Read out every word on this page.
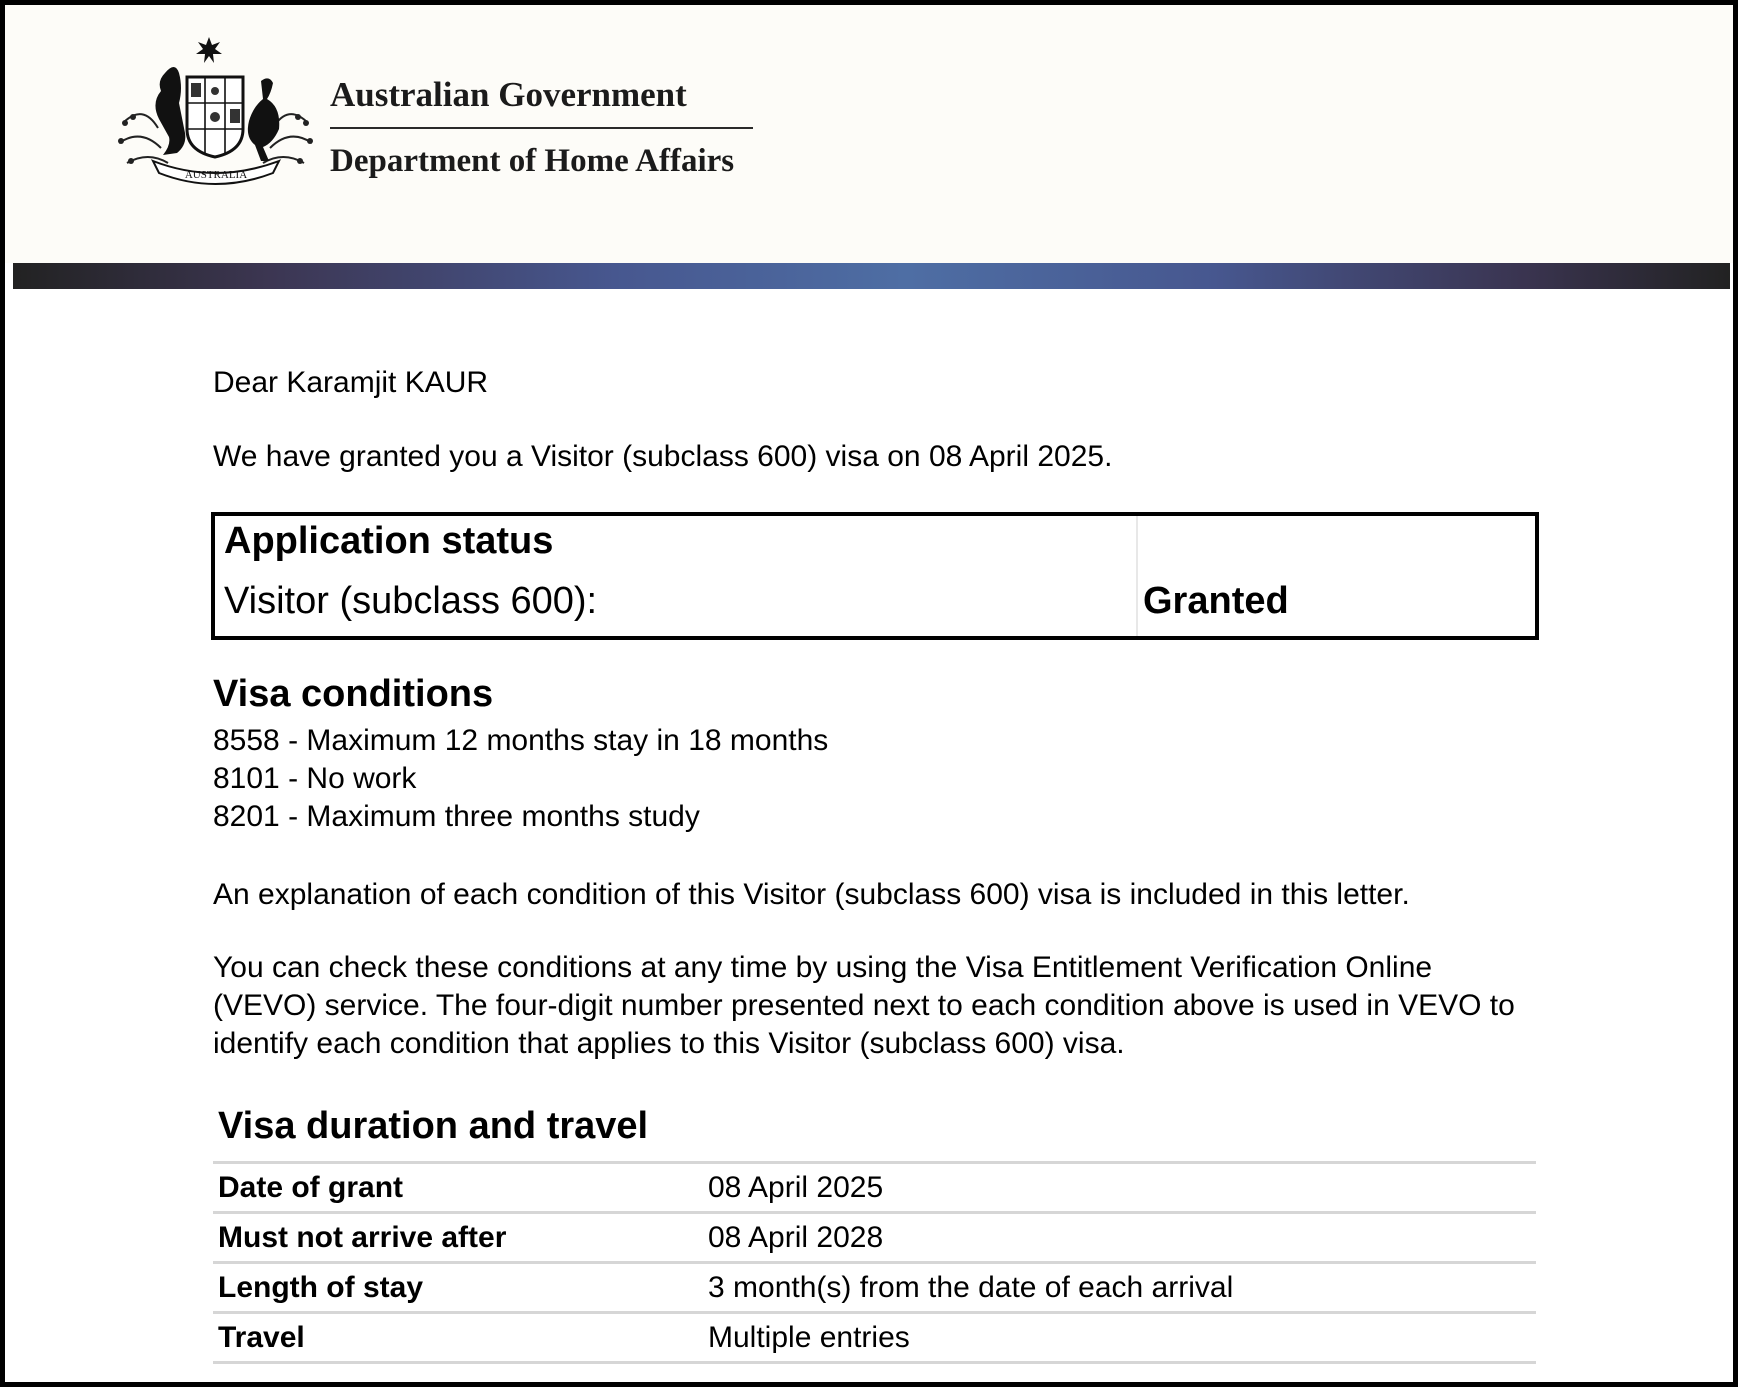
AUSTRALIA
Australian Government
Department of Home Affairs
Dear Karamjit KAUR
We have granted you a Visitor (subclass 600) visa on 08 April 2025.
Application status
Visitor (subclass 600):	Granted
Visa conditions
8558 - Maximum 12 months stay in 18 months
8101 - No work
8201 - Maximum three months study
An explanation of each condition of this Visitor (subclass 600) visa is included in this letter.
You can check these conditions at any time by using the Visa Entitlement Verification Online (VEVO) service. The four-digit number presented next to each condition above is used in VEVO to identify each condition that applies to this Visitor (subclass 600) visa.
Visa duration and travel
Date of grant	08 April 2025
Must not arrive after	08 April 2028
Length of stay	3 month(s) from the date of each arrival
Travel	Multiple entries
